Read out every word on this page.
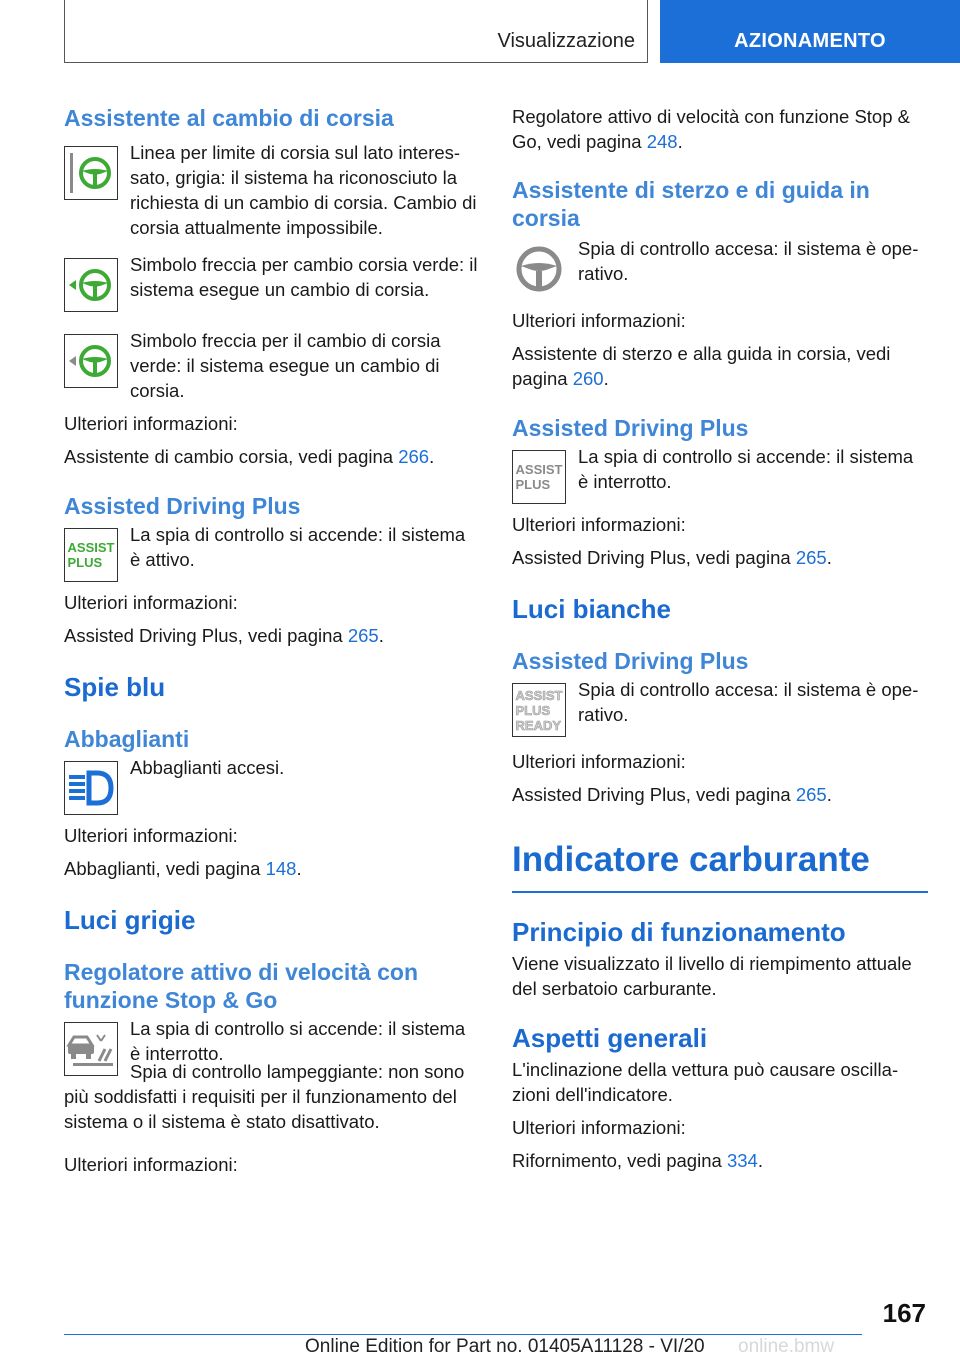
Visualizzazione	AZIONAMENTO
Assistente al cambio di corsia

Linea per limite di corsia sul lato interessato, grigia: il sistema ha riconosciuto la richiesta di un cambio di corsia. Cambio di corsia attualmente impossibile.

Simbolo freccia per cambio corsia verde: il sistema esegue un cambio di corsia.

Simbolo freccia per il cambio di corsia verde: il sistema esegue un cambio di corsia.

Ulteriori informazioni:

Assistente di cambio corsia, vedi pagina 266.

Assisted Driving Plus
ASSIST
PLUS

La spia di controllo si accende: il sistema è attivo.

Ulteriori informazioni:

Assisted Driving Plus, vedi pagina 265.

Spie blu
Abbaglianti

Abbaglianti accesi.

Ulteriori informazioni:

Abbaglianti, vedi pagina 148.

Luci grigie
Regolatore attivo di velocità con funzione Stop & Go

La spia di controllo si accende: il sistema è interrotto.

Spia di controllo lampeggiante: non sono più soddisfatti i requisiti per il funzionamento del sistema o il sistema è stato disattivato.

Ulteriori informazioni:

Regolatore attivo di velocità con funzione Stop & Go, vedi pagina 248.

Assistente di sterzo e di guida in corsia

Spia di controllo accesa: il sistema è operativo.

Ulteriori informazioni:

Assistente di sterzo e alla guida in corsia, vedi pagina 260.

Assisted Driving Plus
ASSIST
PLUS

La spia di controllo si accende: il sistema è interrotto.

Ulteriori informazioni:

Assisted Driving Plus, vedi pagina 265.

Luci bianche
Assisted Driving Plus
ASSIST
PLUS
READY

Spia di controllo accesa: il sistema è operativo.

Ulteriori informazioni:

Assisted Driving Plus, vedi pagina 265.

Indicatore carburante
Principio di funzionamento

Viene visualizzato il livello di riempimento attuale del serbatoio carburante.

Aspetti generali

L'inclinazione della vettura può causare oscillazioni dell'indicatore.

Ulteriori informazioni:

Rifornimento, vedi pagina 334.

167
Online Edition for Part no. 01405A11128 - VI/20 online.bmw
